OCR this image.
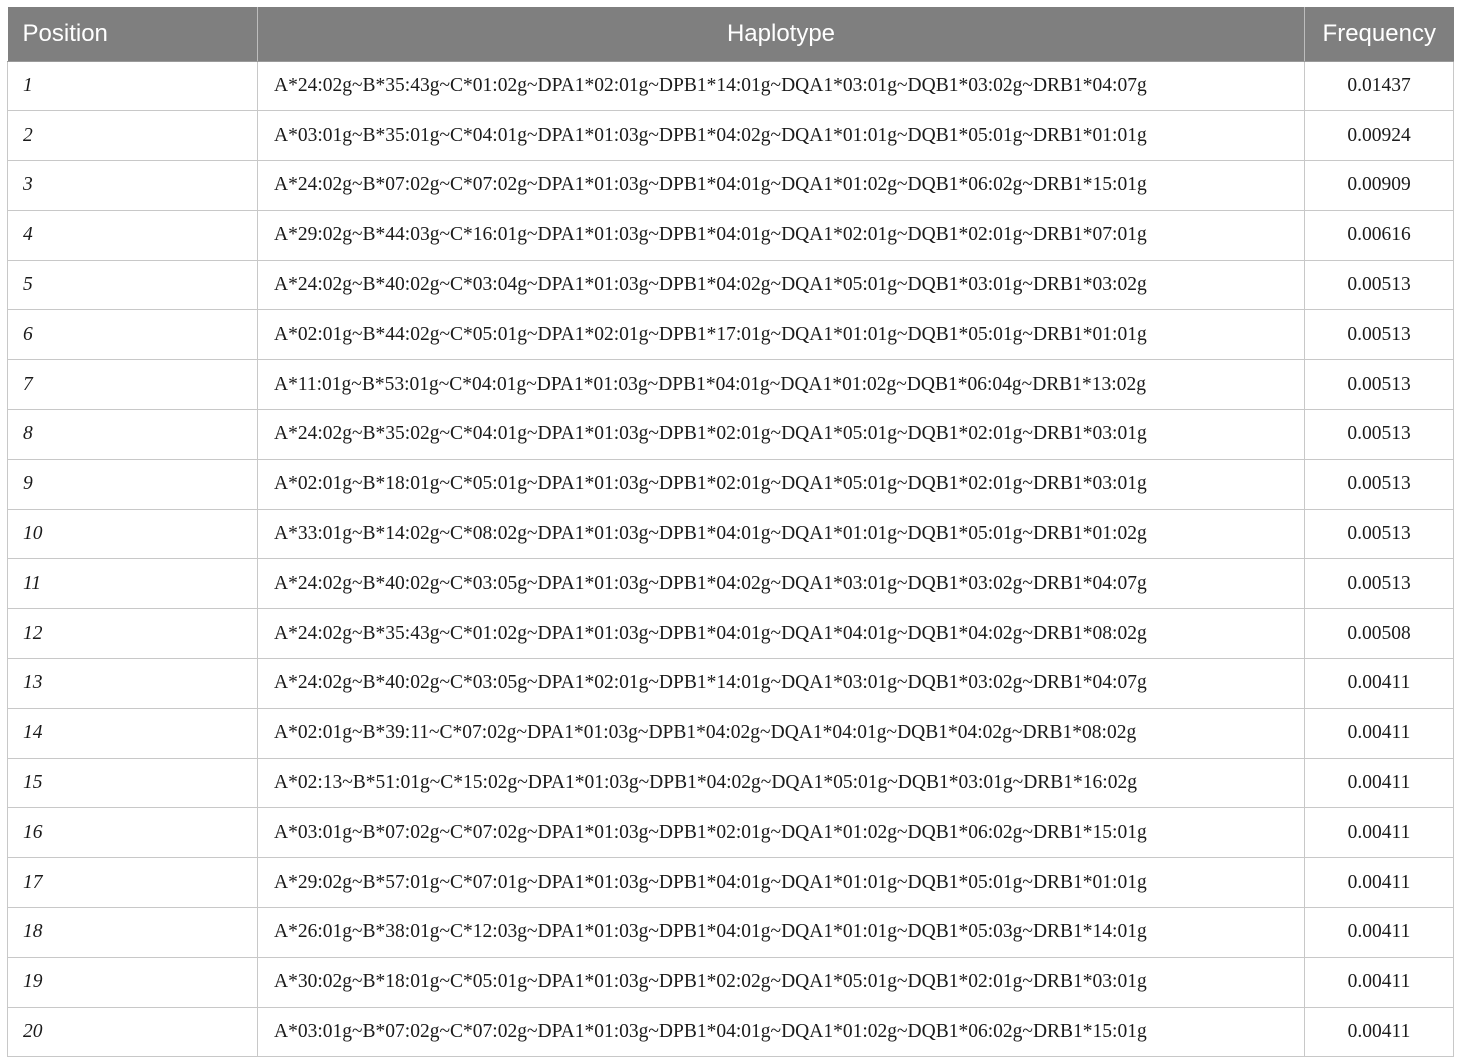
Position	Haplotype	Frequency
1	A*24:02g~B*35:43g~C*01:02g~DPA1*02:01g~DPB1*14:01g~DQA1*03:01g~DQB1*03:02g~DRB1*04:07g	0.01437
2	A*03:01g~B*35:01g~C*04:01g~DPA1*01:03g~DPB1*04:02g~DQA1*01:01g~DQB1*05:01g~DRB1*01:01g	0.00924
3	A*24:02g~B*07:02g~C*07:02g~DPA1*01:03g~DPB1*04:01g~DQA1*01:02g~DQB1*06:02g~DRB1*15:01g	0.00909
4	A*29:02g~B*44:03g~C*16:01g~DPA1*01:03g~DPB1*04:01g~DQA1*02:01g~DQB1*02:01g~DRB1*07:01g	0.00616
5	A*24:02g~B*40:02g~C*03:04g~DPA1*01:03g~DPB1*04:02g~DQA1*05:01g~DQB1*03:01g~DRB1*03:02g	0.00513
6	A*02:01g~B*44:02g~C*05:01g~DPA1*02:01g~DPB1*17:01g~DQA1*01:01g~DQB1*05:01g~DRB1*01:01g	0.00513
7	A*11:01g~B*53:01g~C*04:01g~DPA1*01:03g~DPB1*04:01g~DQA1*01:02g~DQB1*06:04g~DRB1*13:02g	0.00513
8	A*24:02g~B*35:02g~C*04:01g~DPA1*01:03g~DPB1*02:01g~DQA1*05:01g~DQB1*02:01g~DRB1*03:01g	0.00513
9	A*02:01g~B*18:01g~C*05:01g~DPA1*01:03g~DPB1*02:01g~DQA1*05:01g~DQB1*02:01g~DRB1*03:01g	0.00513
10	A*33:01g~B*14:02g~C*08:02g~DPA1*01:03g~DPB1*04:01g~DQA1*01:01g~DQB1*05:01g~DRB1*01:02g	0.00513
11	A*24:02g~B*40:02g~C*03:05g~DPA1*01:03g~DPB1*04:02g~DQA1*03:01g~DQB1*03:02g~DRB1*04:07g	0.00513
12	A*24:02g~B*35:43g~C*01:02g~DPA1*01:03g~DPB1*04:01g~DQA1*04:01g~DQB1*04:02g~DRB1*08:02g	0.00508
13	A*24:02g~B*40:02g~C*03:05g~DPA1*02:01g~DPB1*14:01g~DQA1*03:01g~DQB1*03:02g~DRB1*04:07g	0.00411
14	A*02:01g~B*39:11~C*07:02g~DPA1*01:03g~DPB1*04:02g~DQA1*04:01g~DQB1*04:02g~DRB1*08:02g	0.00411
15	A*02:13~B*51:01g~C*15:02g~DPA1*01:03g~DPB1*04:02g~DQA1*05:01g~DQB1*03:01g~DRB1*16:02g	0.00411
16	A*03:01g~B*07:02g~C*07:02g~DPA1*01:03g~DPB1*02:01g~DQA1*01:02g~DQB1*06:02g~DRB1*15:01g	0.00411
17	A*29:02g~B*57:01g~C*07:01g~DPA1*01:03g~DPB1*04:01g~DQA1*01:01g~DQB1*05:01g~DRB1*01:01g	0.00411
18	A*26:01g~B*38:01g~C*12:03g~DPA1*01:03g~DPB1*04:01g~DQA1*01:01g~DQB1*05:03g~DRB1*14:01g	0.00411
19	A*30:02g~B*18:01g~C*05:01g~DPA1*01:03g~DPB1*02:02g~DQA1*05:01g~DQB1*02:01g~DRB1*03:01g	0.00411
20	A*03:01g~B*07:02g~C*07:02g~DPA1*01:03g~DPB1*04:01g~DQA1*01:02g~DQB1*06:02g~DRB1*15:01g	0.00411
